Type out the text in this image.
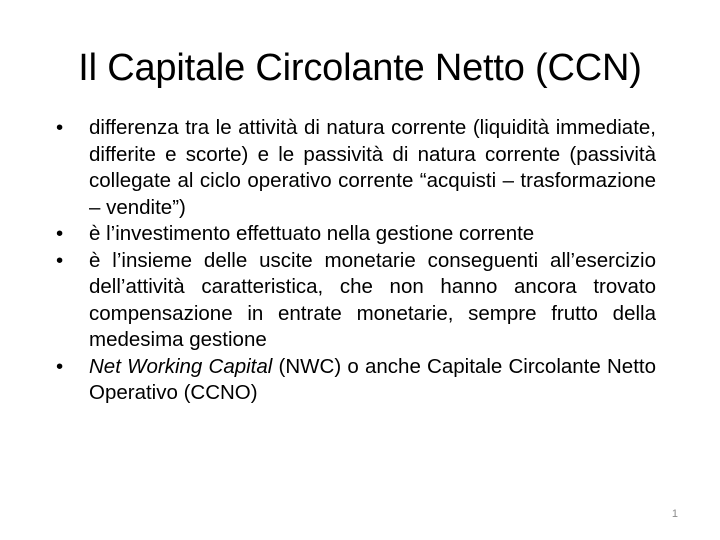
Il Capitale Circolante Netto (CCN)
•	differenza tra le attività di natura corrente (liquidità immediate, differite e scorte) e le passività di natura corrente (passività collegate al ciclo operativo corrente “acquisti – trasformazione – vendite”)
•	è l’investimento effettuato nella gestione corrente
•	è l’insieme delle uscite monetarie conseguenti all’esercizio dell’attività caratteristica, che non hanno ancora trovato compensazione in entrate monetarie, sempre frutto della medesima gestione
•	Net Working Capital (NWC) o anche Capitale Circolante Netto Operativo (CCNO)
1
